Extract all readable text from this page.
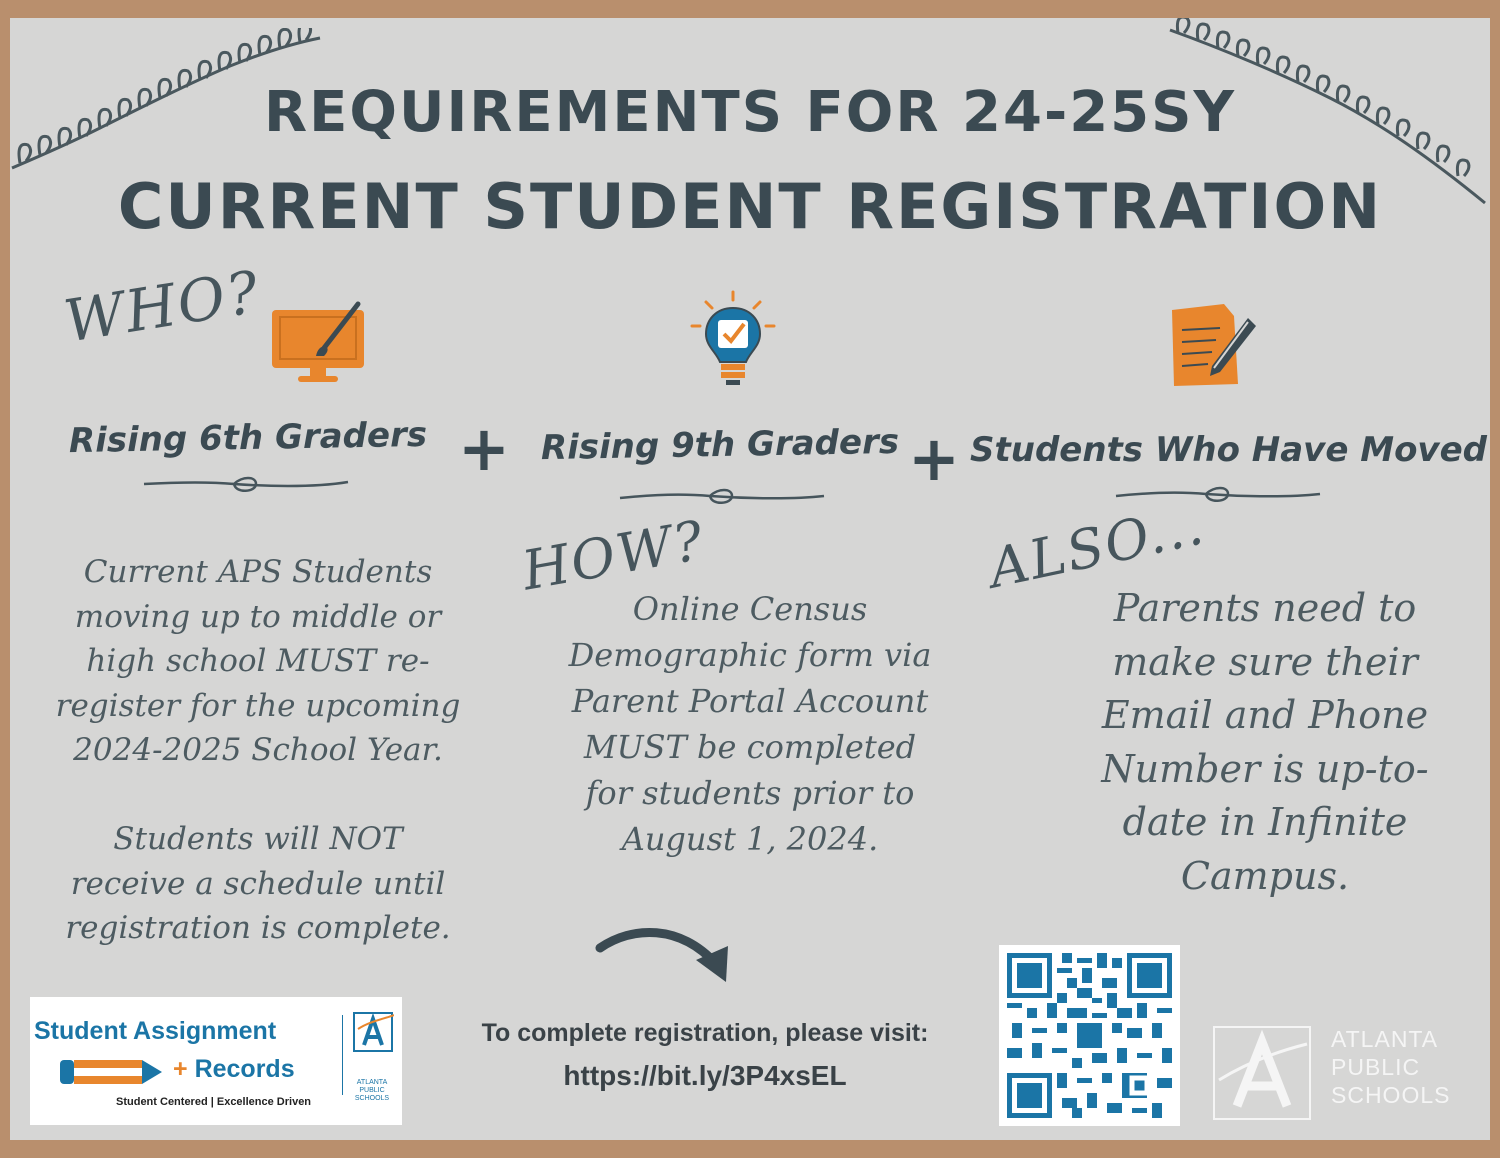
REQUIREMENTS FOR 24-25SY
CURRENT STUDENT REGISTRATION
WHO?
Rising 6th Graders + Rising 9th Graders + Students Who Have Moved
HOW?	ALSO...
Current APS Students
moving up to middle or
high school MUST re-
register for the upcoming
2024-2025 School Year.

Students will NOT
receive a schedule until
registration is complete.
Online Census
Demographic form via
Parent Portal Account
MUST be completed
for students prior to
August 1, 2024.
Parents need to
make sure their
Email and Phone
Number is up-to-
date in Infinite
Campus.
Student Assignment
+ Records
Student Centered | Excellence Driven
ATLANTA
PUBLIC
SCHOOLS
To complete registration, please visit:
https://bit.ly/3P4xsEL
ATLANTA
PUBLIC
SCHOOLS
